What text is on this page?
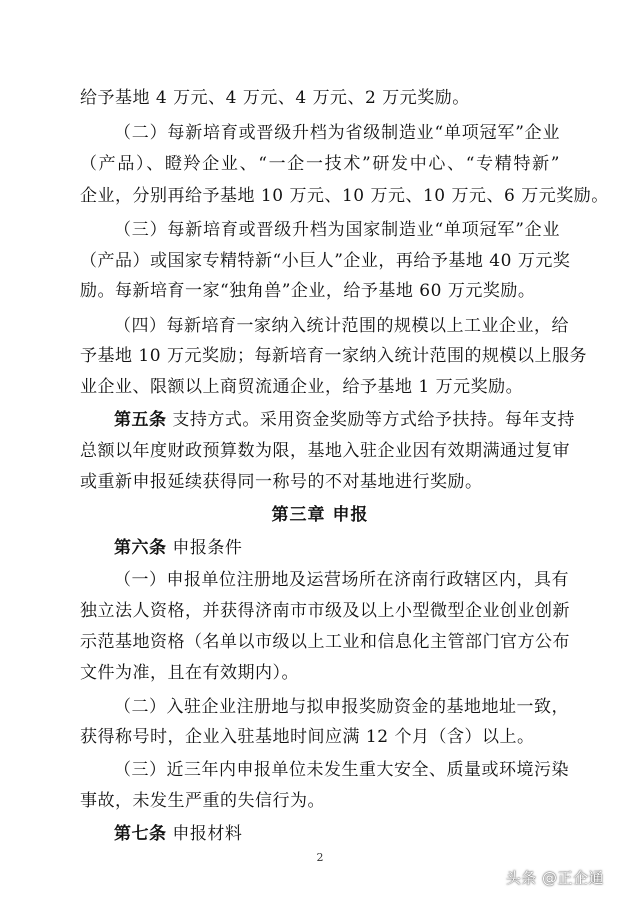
给予基地 4 万元、4 万元、4 万元、2 万元奖励。
（二）每新培育或晋级升档为省级制造业“单项冠军”企业
（产品）、瞪羚企业、“一企一技术”研发中心、“专精特新”
企业，分别再给予基地 10 万元、10 万元、10 万元、6 万元奖励。
（三）每新培育或晋级升档为国家制造业“单项冠军”企业
（产品）或国家专精特新“小巨人”企业，再给予基地 40 万元奖
励。每新培育一家“独角兽”企业，给予基地 60 万元奖励。
（四）每新培育一家纳入统计范围的规模以上工业企业，给
予基地 10 万元奖励；每新培育一家纳入统计范围的规模以上服务
业企业、限额以上商贸流通企业，给予基地 1 万元奖励。
第五条 支持方式。采用资金奖励等方式给予扶持。每年支持
总额以年度财政预算数为限，基地入驻企业因有效期满通过复审
或重新申报延续获得同一称号的不对基地进行奖励。
第三章 申报
第六条 申报条件
（一）申报单位注册地及运营场所在济南行政辖区内，具有
独立法人资格，并获得济南市市级及以上小型微型企业创业创新
示范基地资格（名单以市级以上工业和信息化主管部门官方公布
文件为准，且在有效期内）。
（二）入驻企业注册地与拟申报奖励资金的基地地址一致，
获得称号时，企业入驻基地时间应满 12 个月（含）以上。
（三）近三年内申报单位未发生重大安全、质量或环境污染
事故，未发生严重的失信行为。
第七条 申报材料
2
头条 @正企通
